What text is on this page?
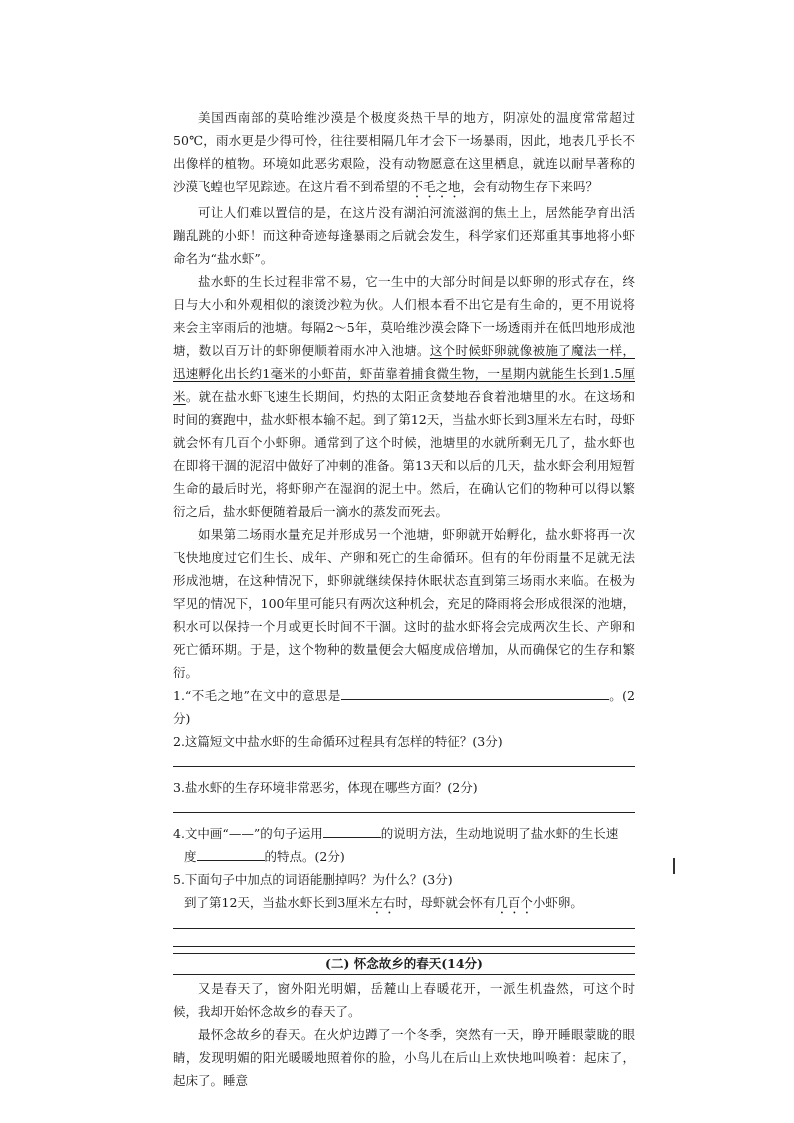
美国西南部的莫哈维沙漠是个极度炎热干旱的地方，阴凉处的温度常常超过50℃，雨水更是少得可怜，往往要相隔几年才会下一场暴雨，因此，地表几乎长不出像样的植物。环境如此恶劣艰险，没有动物愿意在这里栖息，就连以耐旱著称的沙漠飞蝗也罕见踪迹。在这片看不到希望的不毛之地，会有动物生存下来吗？

可让人们难以置信的是，在这片没有湖泊河流滋润的焦土上，居然能孕育出活蹦乱跳的小虾！而这种奇迹每逢暴雨之后就会发生，科学家们还郑重其事地将小虾命名为“盐水虾”。

盐水虾的生长过程非常不易，它一生中的大部分时间是以虾卵的形式存在，终日与大小和外观相似的滚烫沙粒为伙。人们根本看不出它是有生命的，更不用说将来会主宰雨后的池塘。每隔2～5年，莫哈维沙漠会降下一场透雨并在低凹地形成池塘，数以百万计的虾卵便顺着雨水冲入池塘。这个时候虾卵就像被施了魔法一样，迅速孵化出长约1毫米的小虾苗，虾苗靠着捕食微生物，一星期内就能生长到1.5厘米。就在盐水虾飞速生长期间，灼热的太阳正贪婪地吞食着池塘里的水。在这场和时间的赛跑中，盐水虾根本输不起。到了第12天，当盐水虾长到3厘米左右时，母虾就会怀有几百个小虾卵。通常到了这个时候，池塘里的水就所剩无几了，盐水虾也在即将干涸的泥沼中做好了冲刺的准备。第13天和以后的几天，盐水虾会利用短暂生命的最后时光，将虾卵产在湿润的泥土中。然后，在确认它们的物种可以得以繁衍之后，盐水虾便随着最后一滴水的蒸发而死去。

如果第二场雨水量充足并形成另一个池塘，虾卵就开始孵化，盐水虾将再一次飞快地度过它们生长、成年、产卵和死亡的生命循环。但有的年份雨量不足就无法形成池塘，在这种情况下，虾卵就继续保持休眠状态直到第三场雨水来临。在极为罕见的情况下，100年里可能只有两次这种机会，充足的降雨将会形成很深的池塘，积水可以保持一个月或更长时间不干涸。这时的盐水虾将会完成两次生长、产卵和死亡循环期。于是，这个物种的数量便会大幅度成倍增加，从而确保它的生存和繁衍。

1.“不毛之地”在文中的意思是	。(2分)

2.这篇短文中盐水虾的生命循环过程具有怎样的特征？(3分)

3.盐水虾的生存环境非常恶劣，体现在哪些方面？(2分)

4.文中画“——”的句子运用	的说明方法，生动地说明了盐水虾的生长速

度	的特点。(2分)

5.下面句子中加点的词语能删掉吗？为什么？(3分)

到了第12天，当盐水虾长到3厘米左右时，母虾就会怀有几百个小虾卵。

(二) 怀念故乡的春天(14分)

又是春天了，窗外阳光明媚，岳麓山上春暖花开，一派生机盎然，可这个时候，我却开始怀念故乡的春天了。

最怀念故乡的春天。在火炉边蹲了一个冬季，突然有一天，睁开睡眼蒙眬的眼睛，发现明媚的阳光暖暖地照着你的脸，小鸟儿在后山上欢快地叫唤着：起床了，起床了。睡意
